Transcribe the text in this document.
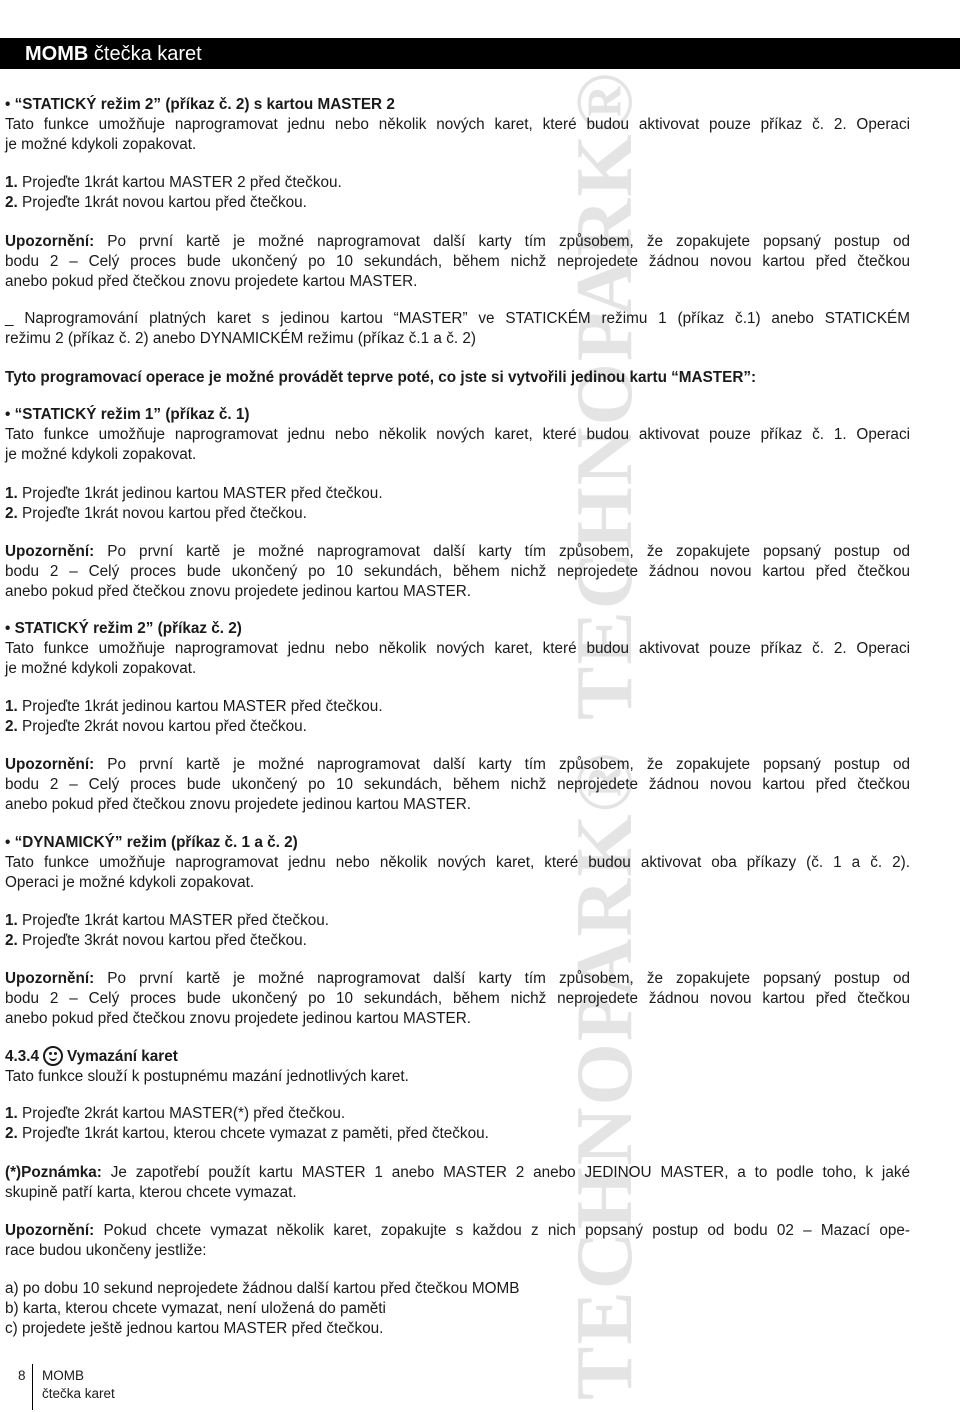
TECHNOPARK®
TECHNOPARK®
MOMB čtečka karet
• “STATICKÝ režim 2” (příkaz č. 2) s kartou MASTER 2
Tato funkce umožňuje naprogramovat jednu nebo několik nových karet, které budou aktivovat pouze příkaz č. 2. Operaci
je možné kdykoli zopakovat.
1. Projeďte 1krát kartou MASTER 2 před čtečkou.
2. Projeďte 1krát novou kartou před čtečkou.
Upozornění: Po první kartě je možné naprogramovat další karty tím způsobem, že zopakujete popsaný postup od
bodu 2 – Celý proces bude ukončený po 10 sekundách, během nichž neprojedete žádnou novou kartou před čtečkou
anebo pokud před čtečkou znovu projedete kartou MASTER.
_ Naprogramování platných karet s jedinou kartou “MASTER” ve STATICKÉM režimu 1 (příkaz č.1) anebo STATICKÉM
režimu 2 (příkaz č. 2) anebo DYNAMICKÉM režimu (příkaz č.1 a č. 2)
Tyto programovací operace je možné provádět teprve poté, co jste si vytvořili jedinou kartu “MASTER”:
• “STATICKÝ režim 1” (příkaz č. 1)
Tato funkce umožňuje naprogramovat jednu nebo několik nových karet, které budou aktivovat pouze příkaz č. 1. Operaci
je možné kdykoli zopakovat.
1. Projeďte 1krát jedinou kartou MASTER před čtečkou.
2. Projeďte 1krát novou kartou před čtečkou.
Upozornění: Po první kartě je možné naprogramovat další karty tím způsobem, že zopakujete popsaný postup od
bodu 2 – Celý proces bude ukončený po 10 sekundách, během nichž neprojedete žádnou novou kartou před čtečkou
anebo pokud před čtečkou znovu projedete jedinou kartou MASTER.
• STATICKÝ režim 2” (příkaz č. 2)
Tato funkce umožňuje naprogramovat jednu nebo několik nových karet, které budou aktivovat pouze příkaz č. 2. Operaci
je možné kdykoli zopakovat.
1. Projeďte 1krát jedinou kartou MASTER před čtečkou.
2. Projeďte 2krát novou kartou před čtečkou.
Upozornění: Po první kartě je možné naprogramovat další karty tím způsobem, že zopakujete popsaný postup od
bodu 2 – Celý proces bude ukončený po 10 sekundách, během nichž neprojedete žádnou novou kartou před čtečkou
anebo pokud před čtečkou znovu projedete jedinou kartou MASTER.
• “DYNAMICKÝ” režim (příkaz č. 1 a č. 2)
Tato funkce umožňuje naprogramovat jednu nebo několik nových karet, které budou aktivovat oba příkazy (č. 1 a č. 2).
Operaci je možné kdykoli zopakovat.
1. Projeďte 1krát kartou MASTER před čtečkou.
2. Projeďte 3krát novou kartou před čtečkou.
Upozornění: Po první kartě je možné naprogramovat další karty tím způsobem, že zopakujete popsaný postup od
bodu 2 – Celý proces bude ukončený po 10 sekundách, během nichž neprojedete žádnou novou kartou před čtečkou
anebo pokud před čtečkou znovu projedete jedinou kartou MASTER.
4.3.4 Vymazání karet
Tato funkce slouží k postupnému mazání jednotlivých karet.
1. Projeďte 2krát kartou MASTER(*) před čtečkou.
2. Projeďte 1krát kartou, kterou chcete vymazat z paměti, před čtečkou.
(*)Poznámka: Je zapotřebí použít kartu MASTER 1 anebo MASTER 2 anebo JEDINOU MASTER, a to podle toho, k jaké
skupině patří karta, kterou chcete vymazat.
Upozornění: Pokud chcete vymazat několik karet, zopakujte s každou z nich popsaný postup od bodu 02 – Mazací ope-
race budou ukončeny jestliže:
a) po dobu 10 sekund neprojedete žádnou další kartou před čtečkou MOMB
b) karta, kterou chcete vymazat, není uložená do paměti
c) projedete ještě jednou kartou MASTER před čtečkou.
8 MOMB
čtečka karet
